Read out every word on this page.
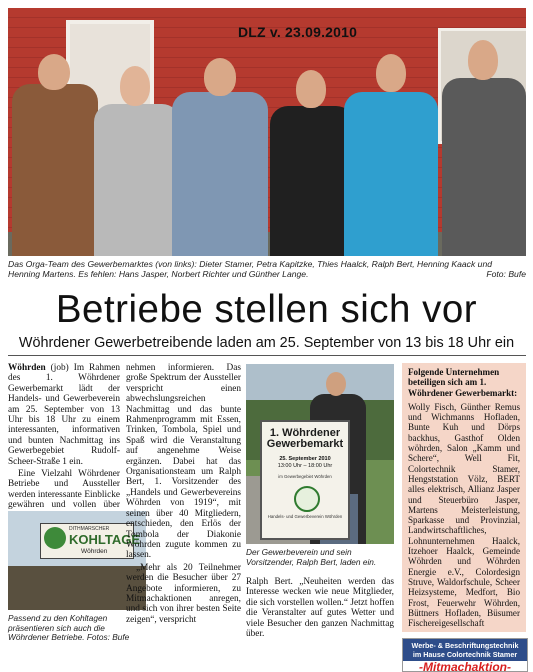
DLZ v. 23.09.2010
Das Orga-Team des Gewerbemarktes (von links): Dieter Stamer, Petra Kapitzke, Thies Haalck, Ralph Bert, Henning Kaack und Henning Martens. Es fehlen: Hans Jasper, Norbert Richter und Günther Lange.	Foto: Bufe
Betriebe stellen sich vor
Wöhrdener Gewerbetreibende laden am 25. September von 13 bis 18 Uhr ein

Wöhrden (job) Im Rahmen des 1. Wöhrdener Gewerbemarkt lädt der Handels- und Gewerbeverein am 25. September von 13 Uhr bis 18 Uhr zu einem interessanten, informativen und bunten Nachmittag ins Gewerbegebiet Rudolf-Scheer-Straße 1 ein.

Eine Vielzahl Wöhrdener Betriebe und Aussteller werden interessante Einblicke gewähren und vollen über

DITHMARSCHER
KOHLTAGE
Wöhrden
Passend zu den Kohltagen präsentieren sich auch die Wöhrdener Betriebe. Fotos: Bufe

nehmen informieren. Das große Spektrum der Aussteller verspricht einen abwechslungsreichen Nachmittag und das bunte Rahmenprogramm mit Essen, Trinken, Tombola, Spiel und Spaß wird die Veranstaltung auf angenehme Weise ergänzen. Dabei hat das Organisationsteam um Ralph Bert, 1. Vorsitzender des „Handels und Gewerbevereins Wöhrden von 1919“, mit seinen über 40 Mitgliedern, entschieden, den Erlös der Tombola der Diakonie Wöhrden zugute kommen zu lassen.

„Mehr als 20 Teilnehmer werden die Besucher über 27 Angebote informieren, zu Mitmachaktionen anregen, und sich von ihrer besten Seite zeigen“, verspricht

1. Wöhrdener Gewerbemarkt
25. September 2010
13:00 Uhr – 18:00 Uhr
im Gewerbegebiet Wöhrden
Handels- und Gewerbeverein Wöhrden
Der Gewerbeverein und sein Vorsitzender, Ralph Bert, laden ein.

Ralph Bert. „Neuheiten werden das Interesse wecken wie neue Mitglieder, die sich vorstellen wollen.“ Jetzt hoffen die Veranstalter auf gutes Wetter und viele Besucher den ganzen Nachmittag über.

Folgende Unternehmen beteiligen sich am 1. Wöhrdener Gewerbemarkt:

Wolly Fisch, Günther Remus und Wichmanns Hofladen, Bunte Kuh und Dörps backhus, Gasthof Olden wöhrden, Salon „Kamm und Schere“, Well Fit, Colortechnik Stamer, Hengststation Völz, BERT alles elektrisch, Allianz Jasper und Steuerbüro Jasper, Martens Meisterleistung, Sparkasse und Provinzial, Landwirtschaftliches, Lohnunternehmen Haalck, Itzehoer Haalck, Gemeinde Wöhrden und Wöhrden Energie e.V., Colordesign Struve, Waldorfschule, Scheer Heizsysteme, Medfort, Bio Frost, Feuerwehr Wöhrden, Büttners Hofladen, Büsumer Fischereigesellschaft

Werbe- & Beschriftungstechnik
im Hause Colortechnik Stamer
-Mitmachaktion-
